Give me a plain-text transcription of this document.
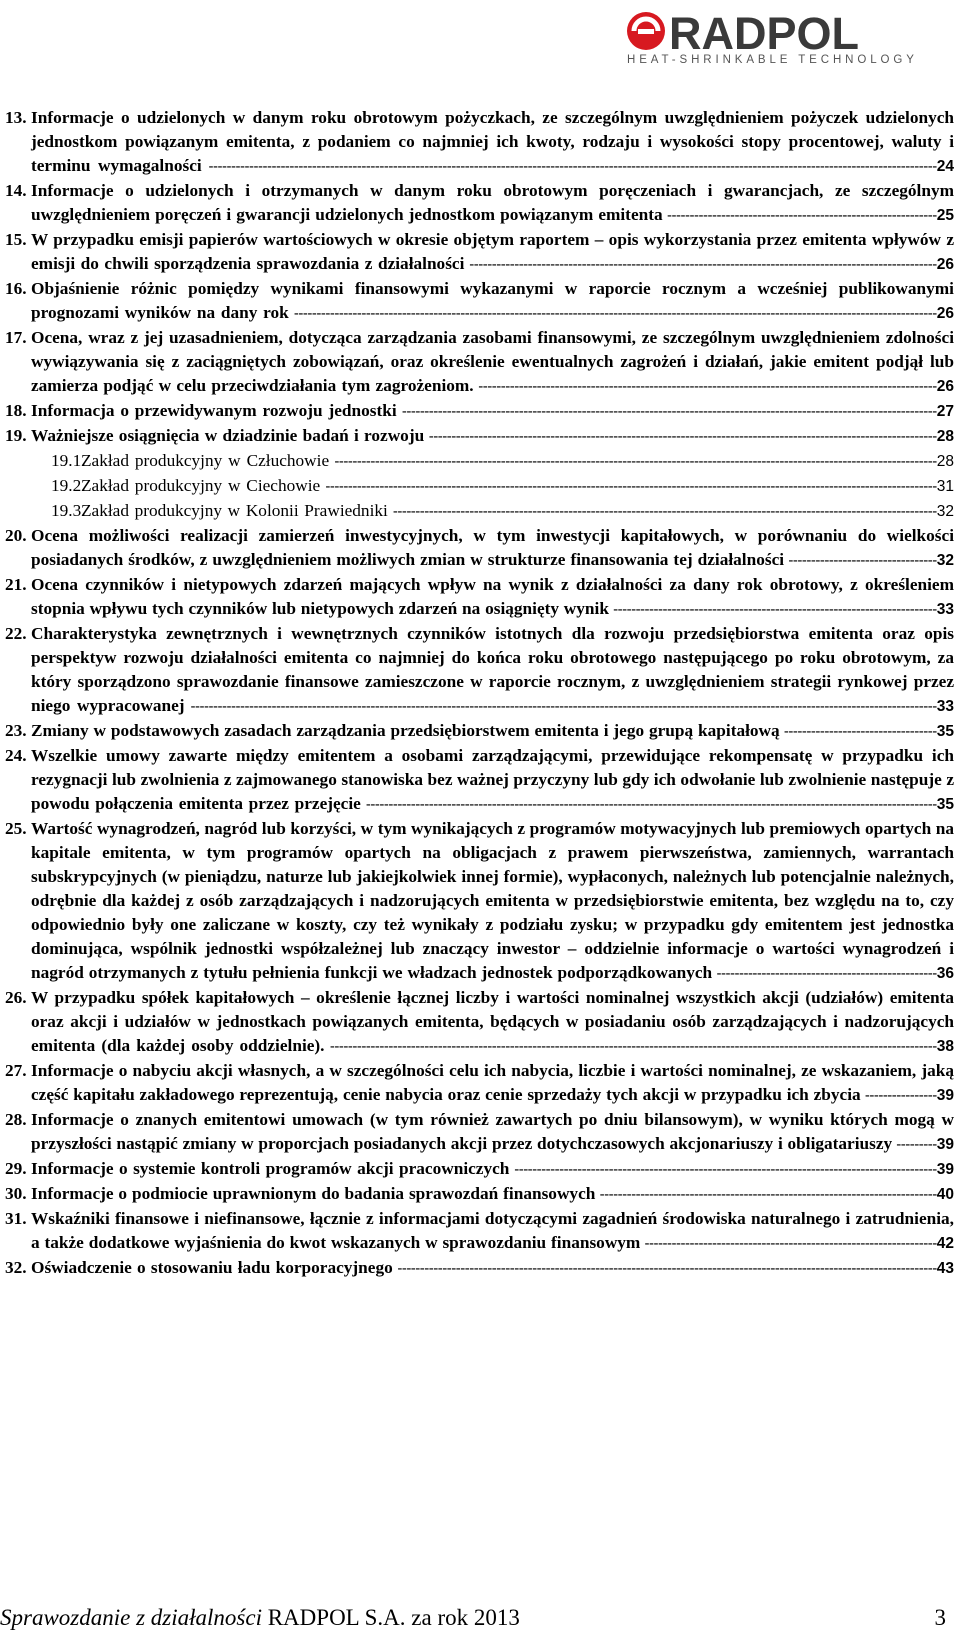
RADPOL
HEAT-SHRINKABLE TECHNOLOGY
13. Informacje o udzielonych w danym roku obrotowym pożyczkach, ze szczególnym uwzględnieniem pożyczek udzielonych jednostkom powiązanym emitenta, z podaniem co najmniej ich kwoty, rodzaju i wysokości stopy procentowej, waluty i terminu wymagalności ------------------------------------------------------------------------------------------------------------------------------------------------------------------24
14. Informacje o udzielonych i otrzymanych w danym roku obrotowym poręczeniach i gwarancjach, ze szczególnym uwzględnieniem poręczeń i gwarancji udzielonych jednostkom powiązanym emitenta ------------------------------------------------------------25
15. W przypadku emisji papierów wartościowych w okresie objętym raportem – opis wykorzystania przez emitenta wpływów z emisji do chwili sporządzenia sprawozdania z działalności --------------------------------------------------------------------------------------------------------26
16. Objaśnienie różnic pomiędzy wynikami finansowymi wykazanymi w raporcie rocznym a wcześniej publikowanymi prognozami wyników na dany rok -----------------------------------------------------------------------------------------------------------------------------------------------26
17. Ocena, wraz z jej uzasadnieniem, dotycząca zarządzania zasobami finansowymi, ze szczególnym uwzględnieniem zdolności wywiązywania się z zaciągniętych zobowiązań, oraz określenie ewentualnych zagrożeń i działań, jakie emitent podjął lub zamierza podjąć w celu przeciwdziałania tym zagrożeniom. ------------------------------------------------------------------------------------------------------26
18. Informacja o przewidywanym rozwoju jednostki -----------------------------------------------------------------------------------------------------------------------27
19. Ważniejsze osiągnięcia w dziadzinie badań i rozwoju -----------------------------------------------------------------------------------------------------------------28
19.1.
Zakład produkcyjny w Człuchowie --------------------------------------------------------------------------------------------------------------------------------------28
19.2.
Zakład produkcyjny w Ciechowie ----------------------------------------------------------------------------------------------------------------------------------------31
19.3.
Zakład produkcyjny w Kolonii Prawiedniki -------------------------------------------------------------------------------------------------------------------------32
20. Ocena możliwości realizacji zamierzeń inwestycyjnych, w tym inwestycji kapitałowych, w porównaniu do wielkości posiadanych środków, z uwzględnieniem możliwych zmian w strukturze finansowania tej działalności ---------------------------------32
21. Ocena czynników i nietypowych zdarzeń mających wpływ na wynik z działalności za dany rok obrotowy, z określeniem stopnia wpływu tych czynników lub nietypowych zdarzeń na osiągnięty wynik ------------------------------------------------------------------------33
22. Charakterystyka zewnętrznych i wewnętrznych czynników istotnych dla rozwoju przedsiębiorstwa emitenta oraz opis perspektyw rozwoju działalności emitenta co najmniej do końca roku obrotowego następującego po roku obrotowym, za który sporządzono sprawozdanie finansowe zamieszczone w raporcie rocznym, z uwzględnieniem strategii rynkowej przez niego wypracowanej ----------------------------------------------------------------------------------------------------------------------------------------------------------------------33
23. Zmiany w podstawowych zasadach zarządzania przedsiębiorstwem emitenta i jego grupą kapitałową ----------------------------------35
24. Wszelkie umowy zawarte między emitentem a osobami zarządzającymi, przewidujące rekompensatę w przypadku ich rezygnacji lub zwolnienia z zajmowanego stanowiska bez ważnej przyczyny lub gdy ich odwołanie lub zwolnienie następuje z powodu połączenia emitenta przez przejęcie -------------------------------------------------------------------------------------------------------------------------------35
25. Wartość wynagrodzeń, nagród lub korzyści, w tym wynikających z programów motywacyjnych lub premiowych opartych na kapitale emitenta, w tym programów opartych na obligacjach z prawem pierwszeństwa, zamiennych, warrantach subskrypcyjnych (w pieniądzu, naturze lub jakiejkolwiek innej formie), wypłaconych, należnych lub potencjalnie należnych, odrębnie dla każdej z osób zarządzających i nadzorujących emitenta w przedsiębiorstwie emitenta, bez względu na to, czy odpowiednio były one zaliczane w koszty, czy też wynikały z podziału zysku; w przypadku gdy emitentem jest jednostka dominująca, wspólnik jednostki współzależnej lub znaczący inwestor – oddzielnie informacje o wartości wynagrodzeń i nagród otrzymanych z tytułu pełnienia funkcji we władzach jednostek podporządkowanych -------------------------------------------------36
26. W przypadku spółek kapitałowych – określenie łącznej liczby i wartości nominalnej wszystkich akcji (udziałów) emitenta oraz akcji i udziałów w jednostkach powiązanych emitenta, będących w posiadaniu osób zarządzających i nadzorujących emitenta (dla każdej osoby oddzielnie). ---------------------------------------------------------------------------------------------------------------------------------------38
27. Informacje o nabyciu akcji własnych, a w szczególności celu ich nabycia, liczbie i wartości nominalnej, ze wskazaniem, jaką część kapitału zakładowego reprezentują, cenie nabycia oraz cenie sprzedaży tych akcji w przypadku ich zbycia ----------------39
28. Informacje o znanych emitentowi umowach (w tym również zawartych po dniu bilansowym), w wyniku których mogą w przyszłości nastąpić zmiany w proporcjach posiadanych akcji przez dotychczasowych akcjonariuszy i obligatariuszy ---------39
29. Informacje o systemie kontroli programów akcji pracowniczych ----------------------------------------------------------------------------------------------39
30. Informacje o podmiocie uprawnionym do badania sprawozdań finansowych ---------------------------------------------------------------------------40
31. Wskaźniki finansowe i niefinansowe, łącznie z informacjami dotyczącymi zagadnień środowiska naturalnego i zatrudnienia, a także dodatkowe wyjaśnienia do kwot wskazanych w sprawozdaniu finansowym -----------------------------------------------------------------42
32. Oświadczenie o stosowaniu ładu korporacyjnego ------------------------------------------------------------------------------------------------------------------------43
Sprawozdanie z działalności RADPOL S.A. za rok 2013	3
